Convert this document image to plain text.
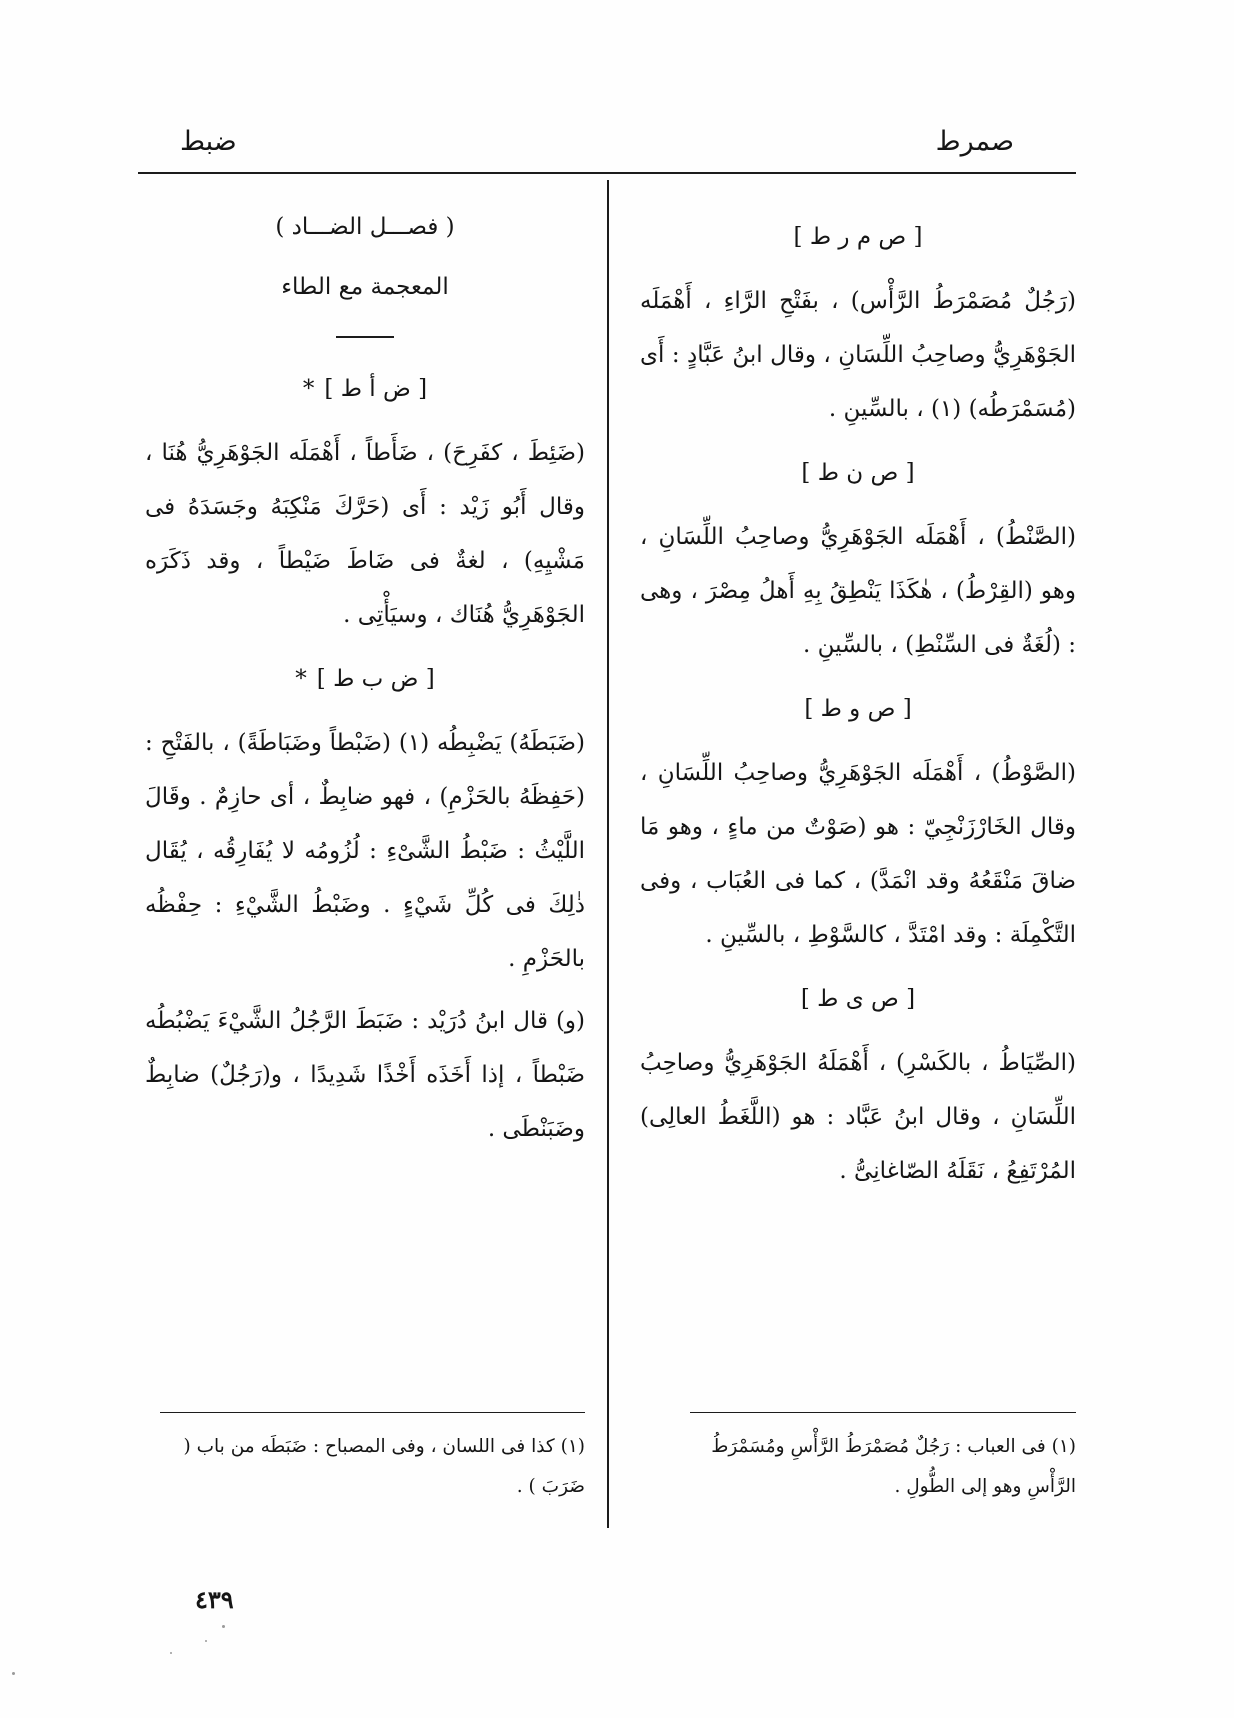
صمرط
ضبط
[ ص م ر ط ]

(رَجُلٌ مُصَمْرَطُ الرَّأْس) ، بفَتْحِ الرَّاءِ ، أَهْمَلَه الجَوْهَرِيُّ وصاحِبُ اللِّسَانِ ، وقال ابنُ عَبَّادٍ : أَى (مُسَمْرَطُه) (١) ، بالسِّينِ .

[ ص ن ط ]

(الصَّنْطُ) ، أَهْمَلَه الجَوْهَرِيُّ وصاحِبُ اللِّسَانِ ، وهو (القِرْطُ) ، هٰكَذَا يَنْطِقُ بِهِ أَهلُ مِصْرَ ، وهى : (لُغَةٌ فى السِّنْطِ) ، بالسِّينِ .

[ ص و ط ]

(الصَّوْطُ) ، أَهْمَلَه الجَوْهَرِيُّ وصاحِبُ اللِّسَانِ ، وقال الخَارْزَنْجِيّ : هو (صَوْتٌ من ماءٍ ، وهو مَا ضاقَ مَنْقَعُهُ وقد انْمَدَّ) ، كما فى العُبَاب ، وفى التَّكْمِلَة : وقد امْتَدَّ ، كالسَّوْطِ ، بالسِّينِ .

[ ص ى ط ]

(الصِّيَاطُ ، بالكَسْرِ) ، أَهْمَلَهُ الجَوْهَرِيُّ وصاحِبُ اللِّسَانِ ، وقال ابنُ عَبَّاد : هو (اللَّغَطُ العالِى) المُرْتَفِعُ ، نَقَلَهُ الصّاغانِىُّ .

( فصـــل الضـــاد )
المعجمة مع الطاء
[ ض أ ط ]*

(ضَئِطَ ، كفَرِحَ) ، ضَأَطاً ، أَهْمَلَه الجَوْهَرِيُّ هُنَا ، وقال أَبُو زَيْد : أَى (حَرَّكَ مَنْكِبَهُ وجَسَدَهُ فى مَشْيِهِ) ، لغةٌ فى ضَاطَ ضَيْطاً ، وقد ذَكَرَه الجَوْهَرِيُّ هُنَاك ، وسيَأْتِى .

[ ض ب ط ]*

(ضَبَطَهُ) يَضْبِطُه (١) (ضَبْطاً وضَبَاطَةً) ، بالفَتْحِ : (حَفِظَهُ بالحَزْمِ) ، فهو ضابِطٌ ، أى حازِمٌ . وقَالَ اللَّيْثُ : ضَبْطُ الشَّىْءِ : لُزُومُه لا يُفَارِقُه ، يُقَال ذٰلِكَ فى كُلِّ شَيْءٍ . وضَبْطُ الشَّيْءِ : حِفْظُه بالحَزْمِ .

(و) قال ابنُ دُرَيْد : ضَبَطَ الرَّجُلُ الشَّيْءَ يَضْبُطُه ضَبْطاً ، إذا أَخَذَه أَخْذًا شَدِيدًا ، و(رَجُلٌ) ضابِطٌ وضَبَنْطَى .

(١) فى العباب : رَجُلٌ مُصَمْرَطُ الرَّأْسِ ومُسَمْرَطُ الرَّأْسِ وهو إلى الطُّولِ .
(١) كذا فى اللسان ، وفى المصباح : ضَبَطَه من باب ( ضَرَبَ ) .
٤٣٩
